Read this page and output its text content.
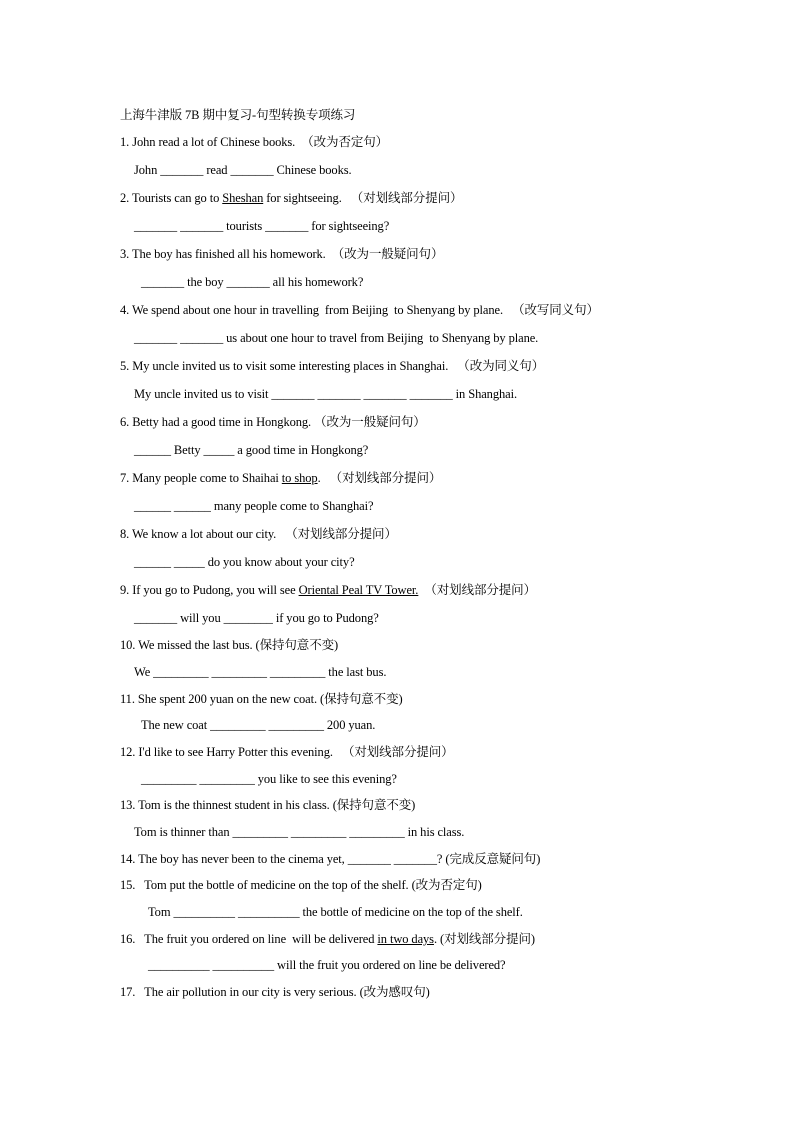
上海牛津版 7B 期中复习-句型转换专项练习
1. John read a lot of Chinese books.  （改为否定句）
John _______ read _______ Chinese books.
2. Tourists can go to Sheshan for sightseeing.   （对划线部分提问）
_______ _______ tourists _______ for sightseeing?
3. The boy has finished all his homework.  （改为一般疑问句）
_______ the boy _______ all his homework?
4. We spend about one hour in travelling  from Beijing  to Shenyang by plane.   （改写同义句）
_______ _______ us about one hour to travel from Beijing  to Shenyang by plane.
5. My uncle invited us to visit some interesting places in Shanghai.   （改为同义句）
My uncle invited us to visit _______ _______ _______ _______ in Shanghai.
6. Betty had a good time in Hongkong. （改为一般疑问句）
______ Betty _____ a good time in Hongkong?
7. Many people come to Shaihai to shop.   （对划线部分提问）
______ ______ many people come to Shanghai?
8. We know a lot about our city.   （对划线部分提问）
______ _____ do you know about your city?
9. If you go to Pudong, you will see Oriental Peal TV Tower.  （对划线部分提问）
_______ will you ________ if you go to Pudong?
10. We missed the last bus. (保持句意不变)
We _________ _________ _________ the last bus.
11. She spent 200 yuan on the new coat. (保持句意不变)
The new coat _________ _________ 200 yuan.
12. I'd like to see Harry Potter this evening.   （对划线部分提问）
_________ _________ you like to see this evening?
13. Tom is the thinnest student in his class. (保持句意不变)
Tom is thinner than _________ _________ _________ in his class.
14. The boy has never been to the cinema yet, _______ _______? (完成反意疑问句)
15.   Tom put the bottle of medicine on the top of the shelf. (改为否定句)
Tom __________ __________ the bottle of medicine on the top of the shelf.
16.   The fruit you ordered on line  will be delivered in two days. (对划线部分提问)
__________ __________ will the fruit you ordered on line be delivered?
17.   The air pollution in our city is very serious. (改为感叹句)
